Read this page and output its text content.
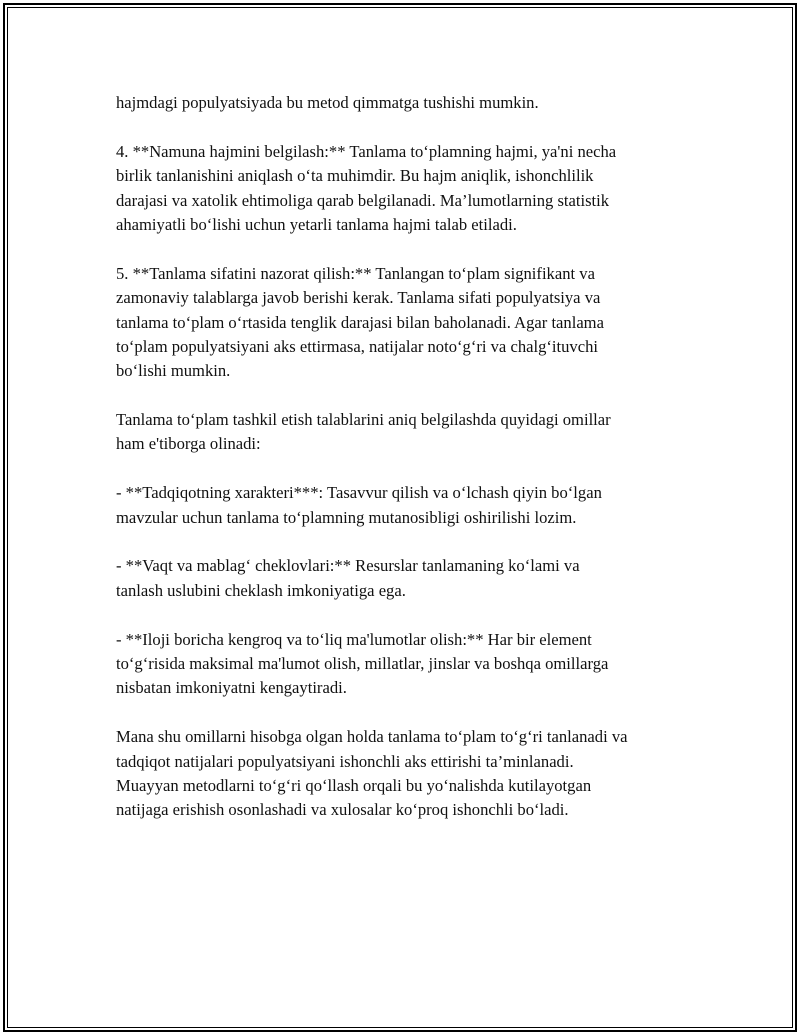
hajmdagi populyatsiyada bu metod qimmatga tushishi mumkin.

4. **Namuna hajmini belgilash:** Tanlama to‘plamning hajmi, ya'ni necha
birlik tanlanishini aniqlash o‘ta muhimdir. Bu hajm aniqlik, ishonchlilik
darajasi va xatolik ehtimoliga qarab belgilanadi. Ma’lumotlarning statistik
ahamiyatli bo‘lishi uchun yetarli tanlama hajmi talab etiladi.

5. **Tanlama sifatini nazorat qilish:** Tanlangan to‘plam signifikant va
zamonaviy talablarga javob berishi kerak. Tanlama sifati populyatsiya va
tanlama to‘plam o‘rtasida tenglik darajasi bilan baholanadi. Agar tanlama
to‘plam populyatsiyani aks ettirmasa, natijalar noto‘g‘ri va chalg‘ituvchi
bo‘lishi mumkin.

Tanlama to‘plam tashkil etish talablarini aniq belgilashda quyidagi omillar
ham e'tiborga olinadi:

- **Tadqiqotning xarakteri***: Tasavvur qilish va o‘lchash qiyin bo‘lgan
mavzular uchun tanlama to‘plamning mutanosibligi oshirilishi lozim.

- **Vaqt va mablag‘ cheklovlari:** Resurslar tanlamaning ko‘lami va
tanlash uslubini cheklash imkoniyatiga ega.

- **Iloji boricha kengroq va to‘liq ma'lumotlar olish:** Har bir element
to‘g‘risida maksimal ma'lumot olish, millatlar, jinslar va boshqa omillarga
nisbatan imkoniyatni kengaytiradi.

Mana shu omillarni hisobga olgan holda tanlama to‘plam to‘g‘ri tanlanadi va
tadqiqot natijalari populyatsiyani ishonchli aks ettirishi ta’minlanadi.
Muayyan metodlarni to‘g‘ri qo‘llash orqali bu yo‘nalishda kutilayotgan
natijaga erishish osonlashadi va xulosalar ko‘proq ishonchli bo‘ladi.
